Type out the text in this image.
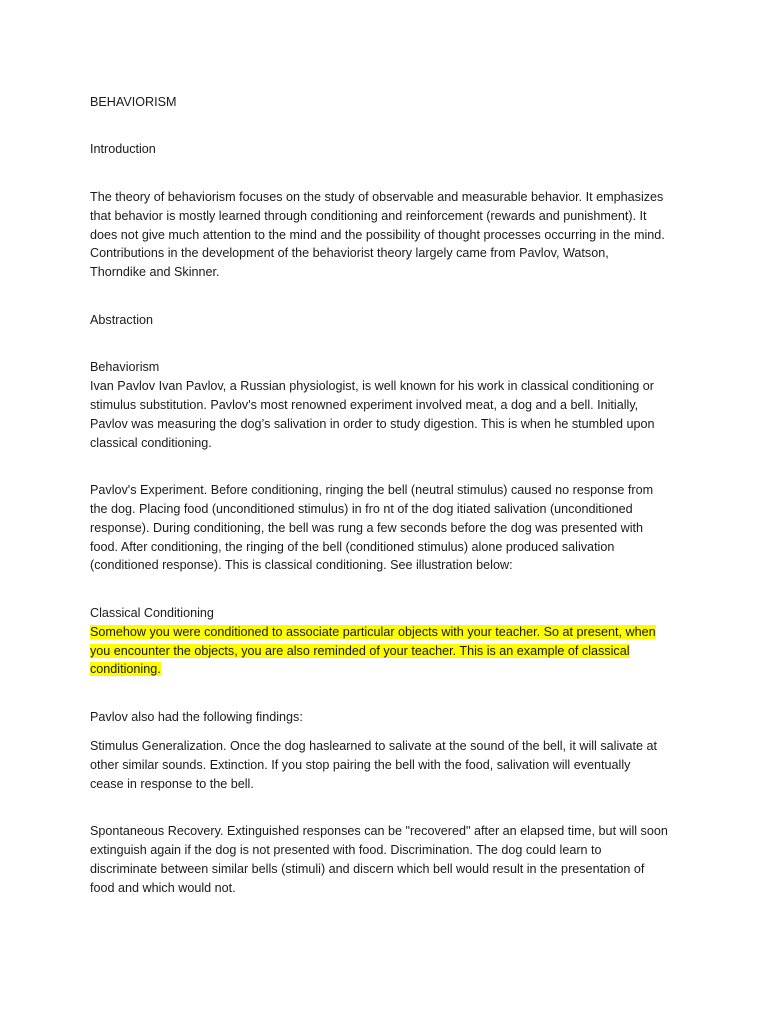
BEHAVIORISM

Introduction

The theory of behaviorism focuses on the study of observable and measurable behavior. It emphasizes

that behavior is mostly learned through conditioning and reinforcement (rewards and punishment). It

does not give much attention to the mind and the possibility of thought processes occurring in the mind.

Contributions in the development of the behaviorist theory largely came from Pavlov, Watson,

Thorndike and Skinner.

Abstraction

Behaviorism

Ivan Pavlov Ivan Pavlov, a Russian physiologist, is well known for his work in classical conditioning or

stimulus substitution. Pavlov's most renowned experiment involved meat, a dog and a bell. Initially,

Pavlov was measuring the dog’s salivation in order to study digestion. This is when he stumbled upon

classical conditioning.

Pavlov's Experiment. Before conditioning, ringing the bell (neutral stimulus) caused no response from

the dog. Placing food (unconditioned stimulus) in fro nt of the dog itiated salivation (unconditioned

response). During conditioning, the bell was rung a few seconds before the dog was presented with

food. After conditioning, the ringing of the bell (conditioned stimulus) alone produced salivation

(conditioned response). This is classical conditioning. See illustration below:

Classical Conditioning

Somehow you were conditioned to associate particular objects with your teacher. So at present, when

you encounter the objects, you are also reminded of your teacher. This is an example of classical

conditioning.

Pavlov also had the following findings:

Stimulus Generalization. Once the dog haslearned to salivate at the sound of the bell, it will salivate at

other similar sounds. Extinction. If you stop pairing the bell with the food, salivation will eventually

cease in response to the bell.

Spontaneous Recovery. Extinguished responses can be "recovered" after an elapsed time, but will soon

extinguish again if the dog is not presented with food. Discrimination. The dog could learn to

discriminate between similar bells (stimuli) and discern which bell would result in the presentation of

food and which would not.
